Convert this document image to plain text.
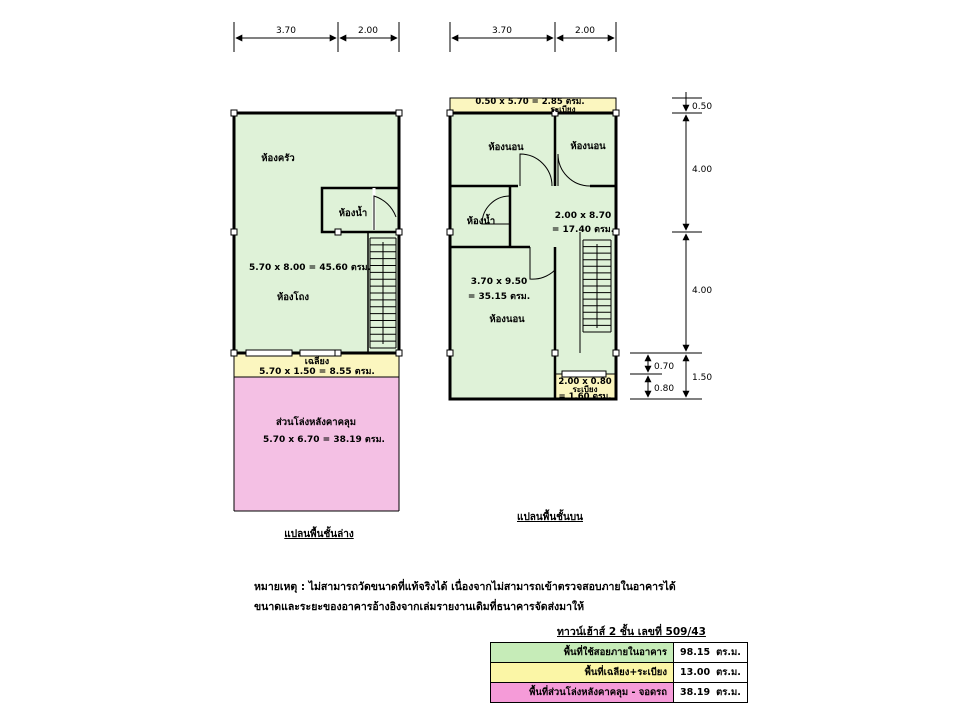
3.70	2.00
ห้องครัว
ห้องน้ำ
5.70 x 8.00 = 45.60 ตรม.
ห้องโถง
เฉลียง
5.70 x 1.50 = 8.55 ตรม.
ส่วนโล่งหลังคาคลุม
5.70 x 6.70 = 38.19 ตรม.
แปลนพื้นชั้นล่าง
3.70	2.00
0.50 x 5.70 = 2.85 ตรม.
ระเบียง
ห้องนอน	ห้องนอน
ห้องน้ำ	2.00 x 8.70
= 17.40 ตรม.
3.70 x 9.50
= 35.15 ตรม.
ห้องนอน
2.00 x 0.80
ระเบียง
= 1.60 ตรม.
แปลนพื้นชั้นบน
0.50
4.00
4.00
1.50
0.70
0.80
หมายเหตุ : ไม่สามารถวัดขนาดที่แท้จริงได้ เนื่องจากไม่สามารถเข้าตรวจสอบภายในอาคารได้
ขนาดและระยะของอาคารอ้างอิงจากเล่มรายงานเดิมที่ธนาคารจัดส่งมาให้
ทาวน์เฮ้าส์ 2 ชั้น เลขที่ 509/43
พื้นที่ใช้สอยภายในอาคาร	98.15 ตร.ม.
พื้นที่เฉลียง+ระเบียง	13.00 ตร.ม.
พื้นที่ส่วนโล่งหลังคาคลุม - จอดรถ	38.19 ตร.ม.
